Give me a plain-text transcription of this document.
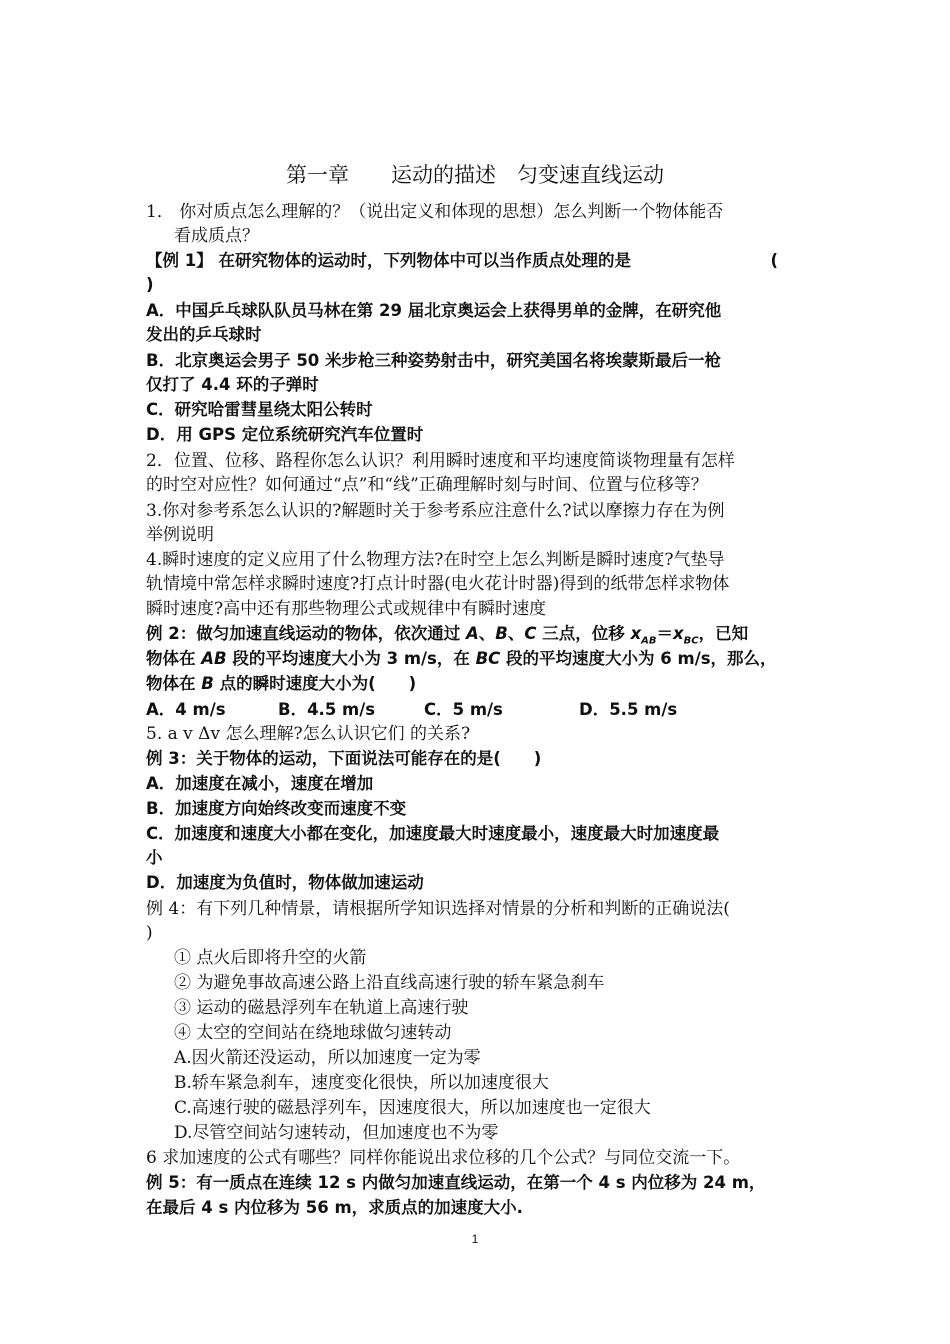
第一章　　运动的描述　匀变速直线运动
1． 你对质点怎么理解的？（说出定义和体现的思想）怎么判断一个物体能否
看成质点？
【例 1】 在研究物体的运动时，下列物体中可以当作质点处理的是	(
)
A．中国乒乓球队队员马林在第 29 届北京奥运会上获得男单的金牌，在研究他
发出的乒乓球时
B．北京奥运会男子 50 米步枪三种姿势射击中，研究美国名将埃蒙斯最后一枪
仅打了 4.4 环的子弹时
C．研究哈雷彗星绕太阳公转时
D．用 GPS 定位系统研究汽车位置时
2．位置、位移、路程你怎么认识？利用瞬时速度和平均速度简谈物理量有怎样
的时空对应性？如何通过“点”和“线”正确理解时刻与时间、位置与位移等？
3.你对参考系怎么认识的?解题时关于参考系应注意什么?试以摩擦力存在为例
举例说明
4.瞬时速度的定义应用了什么物理方法?在时空上怎么判断是瞬时速度?气垫导
轨情境中常怎样求瞬时速度?打点计时器(电火花计时器)得到的纸带怎样求物体
瞬时速度?高中还有那些物理公式或规律中有瞬时速度
例 2：做匀加速直线运动的物体，依次通过 A、B、C 三点，位移 $x_{AB}=x_{BC}$，已知
物体在 AB 段的平均速度大小为 3 m/s，在 BC 段的平均速度大小为 6 m/s，那么，
物体在 B 点的瞬时速度大小为(　　)
A．4 m/s	B．4.5 m/s	C．5 m/s	D．5.5 m/s
5. a v Δv 怎么理解?怎么认识它们 的关系?
例 3：关于物体的运动，下面说法可能存在的是(　　)
A．加速度在减小，速度在增加
B．加速度方向始终改变而速度不变
C．加速度和速度大小都在变化，加速度最大时速度最小，速度最大时加速度最
小
D．加速度为负值时，物体做加速运动
例 4：有下列几种情景，请根据所学知识选择对情景的分析和判断的正确说法(
)
① 点火后即将升空的火箭
② 为避免事故高速公路上沿直线高速行驶的轿车紧急刹车
③ 运动的磁悬浮列车在轨道上高速行驶
④ 太空的空间站在绕地球做匀速转动
A.因火箭还没运动，所以加速度一定为零
B.轿车紧急刹车，速度变化很快，所以加速度很大
C.高速行驶的磁悬浮列车，因速度很大，所以加速度也一定很大
D.尽管空间站匀速转动，但加速度也不为零
6 求加速度的公式有哪些？同样你能说出求位移的几个公式？与同位交流一下。
例 5：有一质点在连续 12 s 内做匀加速直线运动，在第一个 4 s 内位移为 24 m，
在最后 4 s 内位移为 56 m，求质点的加速度大小.
1
